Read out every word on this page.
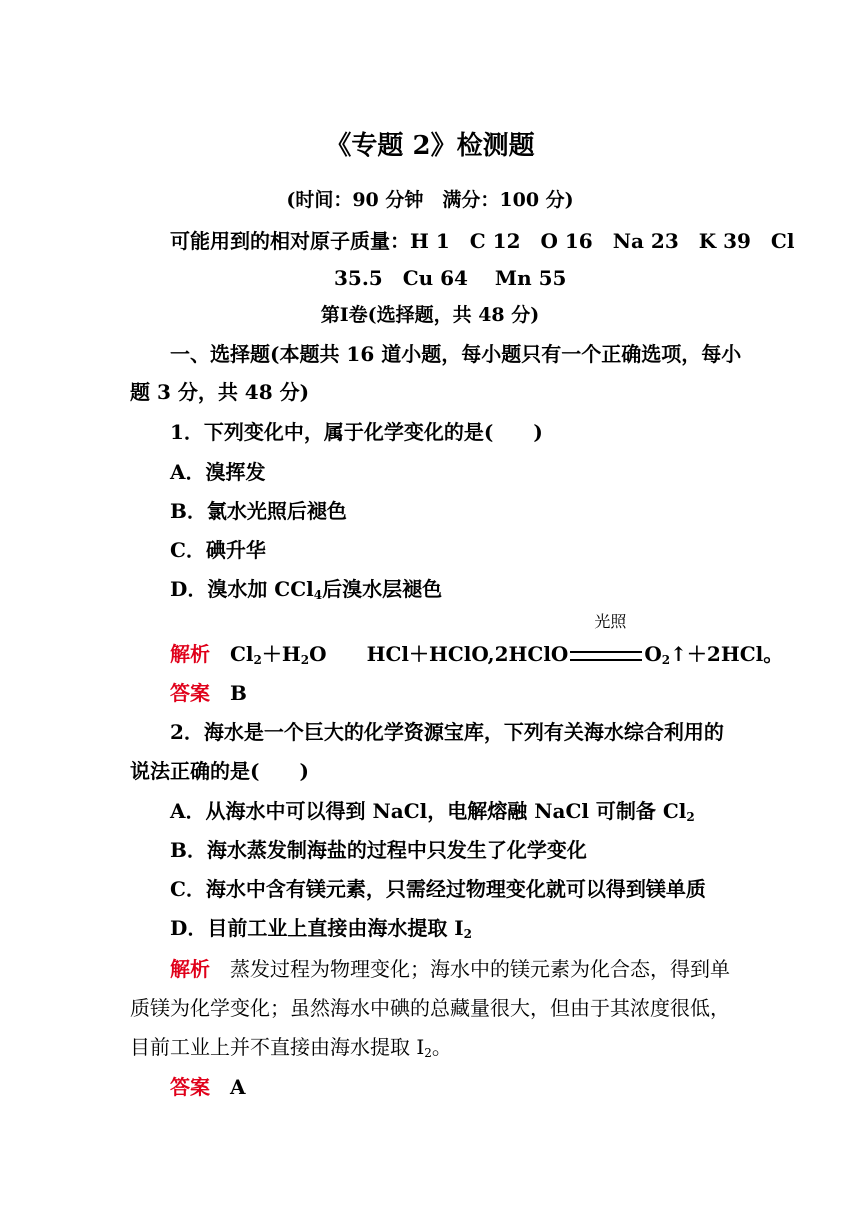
《专题 2》检测题
(时间：90 分钟　满分：100 分)
可能用到的相对原子质量：H 1　C 12　O 16　Na 23　K 39　Cl
35.5　Cu 64　 Mn 55
第Ⅰ卷(选择题，共 48 分)
一、选择题(本题共 16 道小题，每小题只有一个正确选项，每小
题 3 分，共 48 分)
1．下列变化中，属于化学变化的是(　　)
A．溴挥发
B．氯水光照后褪色
C．碘升华
D．溴水加 CCl$_4$后溴水层褪色
解析 $Cl_2+H_2O$ HCl＋HClO,2HClO
光照
$O_2↑+2HCl$。
答案 B
2．海水是一个巨大的化学资源宝库，下列有关海水综合利用的
说法正确的是(　　)
A．从海水中可以得到 NaCl，电解熔融 NaCl 可制备 $Cl_2$
B．海水蒸发制海盐的过程中只发生了化学变化
C．海水中含有镁元素，只需经过物理变化就可以得到镁单质
D．目前工业上直接由海水提取 $I_2$
解析 蒸发过程为物理变化；海水中的镁元素为化合态，得到单
质镁为化学变化；虽然海水中碘的总藏量很大，但由于其浓度很低，
目前工业上并不直接由海水提取 $I_2$。
答案 A
